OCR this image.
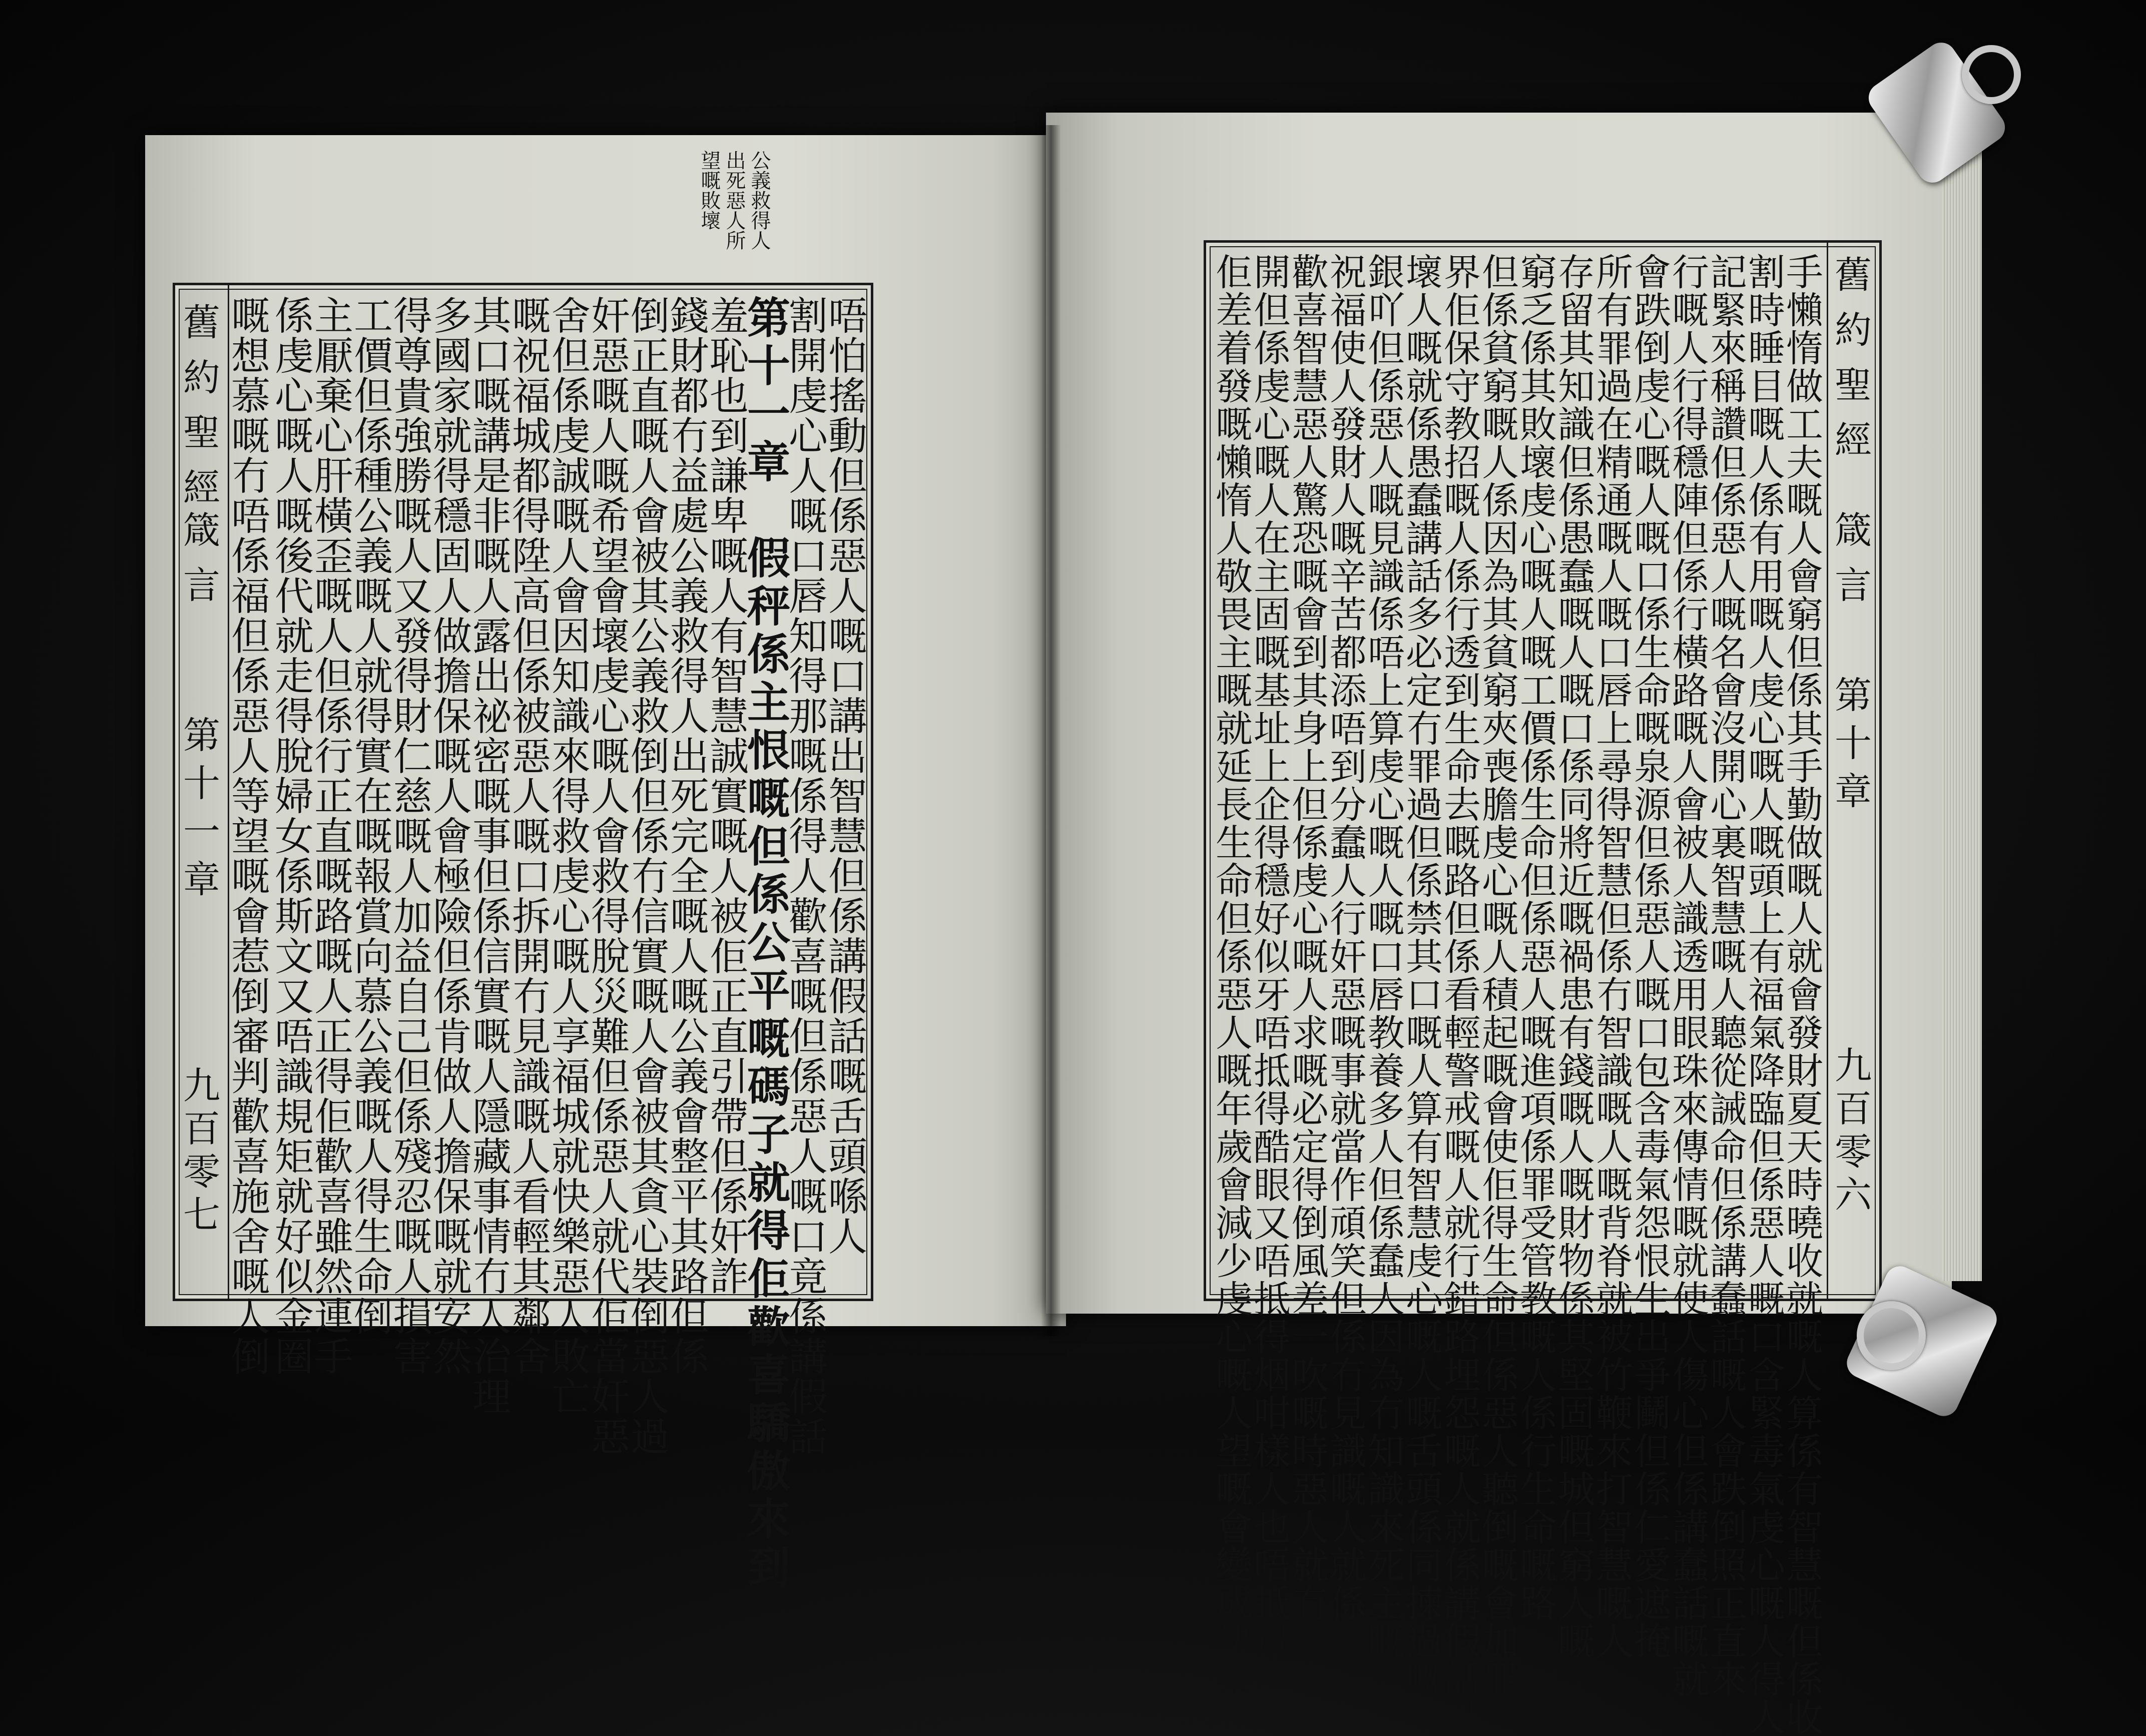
公義救得人
出死惡人所
望嘅敗壞
舊約聖經
箴言
第十一章
九百零七	唔怕搖動但係惡人嘅口講出智慧但係講假話嘅舌頭喺人
割開虔心人嘅口唇知得那嘅係得人歡喜嘅但係惡人嘅口竟係講假話
第十一章　假秤係主恨嘅但係公平嘅碼子就得佢歡喜驕傲來到
羞恥也到謙卑嘅人有智慧誠實嘅人被佢正直引帶但係奸詐
錢財都冇益處公義救得人出死完全嘅人嘅公義會整平其路但係
倒正直嘅人會被其公義救倒但係冇信實嘅人會被其貪心裝倒惡人過
奸惡嘅人嘅希望會壞虔心嘅人會救得脫災難但係惡人就代佢當奸惡
舍但係虔誠嘅人會因知識來得救虔心嘅人享福城就快樂惡人敗亡
嘅祝福城都得陞高但係被惡人嘅口拆開冇見識嘅人看輕其鄰舍
其口嘅講是非嘅人露出祕密嘅事但係信實嘅人隱藏事情冇人治理
多國家就得穩固人做擔保嘅人會極險但係肯做人擔保嘅就安然
得尊貴強勝嘅人又發得財仁慈嘅人加益自己但係殘忍嘅人損害
工價但係種公義嘅人就得實在嘅報賞向慕公義嘅人得生命倒
主厭棄心肝橫歪嘅人但係行正直嘅路嘅人正得佢歡喜雖然連手
係虔心嘅人嘅後代就走得脫婦女係斯文又唔識規矩就好似金圈
嘅想慕嘅冇唔係福但係惡人等望嘅會惹倒審判歡喜施舍嘅人倒	舊約聖經
箴言
第十章
九百零六
手懶惰做工夫嘅人會窮但係其手勤做嘅人就會發財夏天時曉收就嘅人算係有智慧嘅但係收
割時睡目嘅人係有用嘅人虔心嘅人嘅頭上有福氣降臨但係惡人嘅口含緊毒氣虔心嘅人得人
記緊來稱讚但係惡人嘅名會沒開心裏智慧嘅人聽從誡命但係講蠢話嘅人會跌倒照正直來
行嘅人行得穩陣但係行橫路嘅人會被人識透用眼珠來傳情嘅就使人傷心但係講蠢話嘅就
會跌倒虔心嘅人嘅口係生命嘅泉源但係惡人嘅口包含毒氣怨恨生出爭鬭但係仁愛遮掩
所有罪過在精通嘅人嘅口唇上尋得智慧但係冇智識嘅人嘅背脊就被竹鞭來打智慧嘅人
存留其知識但係愚蠢嘅人嘅口係同將近嘅禍患有錢嘅人嘅財物係其堅固嘅城但窮人嘅
窮乏係其敗壞虔心嘅人嘅工價係生命但係惡人嘅進項係罪受管教嘅人係行生命嘅路
但係貧窮嘅人係因為其貧窮夾喪膽虔心嘅人積起嘅會使佢得生命但係惡人聽倒嘅會加罪
界佢保守教招嘅人係行透到生命去嘅路但係看輕警戒嘅人就行錯路埋怨嘅人就係講假話講
壞人嘅就係愚蠢講話多必定冇罪過但係禁其口嘅人算有智慧虔心嘅人嘅舌頭係同揀過嘅
銀吖但係惡人嘅見識係唔上算虔心嘅人嘅口唇教養多人但係蠢人因為冇知識來死主嘅
祝福使人發財人嘅辛苦都添唔到分蠢人行奸惡嘅事就當作頑笑但係冇見識嘅人就係
歡喜智慧惡人驚恐嘅會到其身上但係虔心嘅人求嘅必定得倒風差一吹嘅時惡人就冇
開但係虔心嘅人在主固嘅基址上企得穩好似牙唔抵得酷眼又唔抵得烟咁樣人也唔抵得
佢差着發嘅懶惰人敬畏主嘅就延長生命但係惡人嘅年歲會減少虔心嘅人望嘅會變成快樂
